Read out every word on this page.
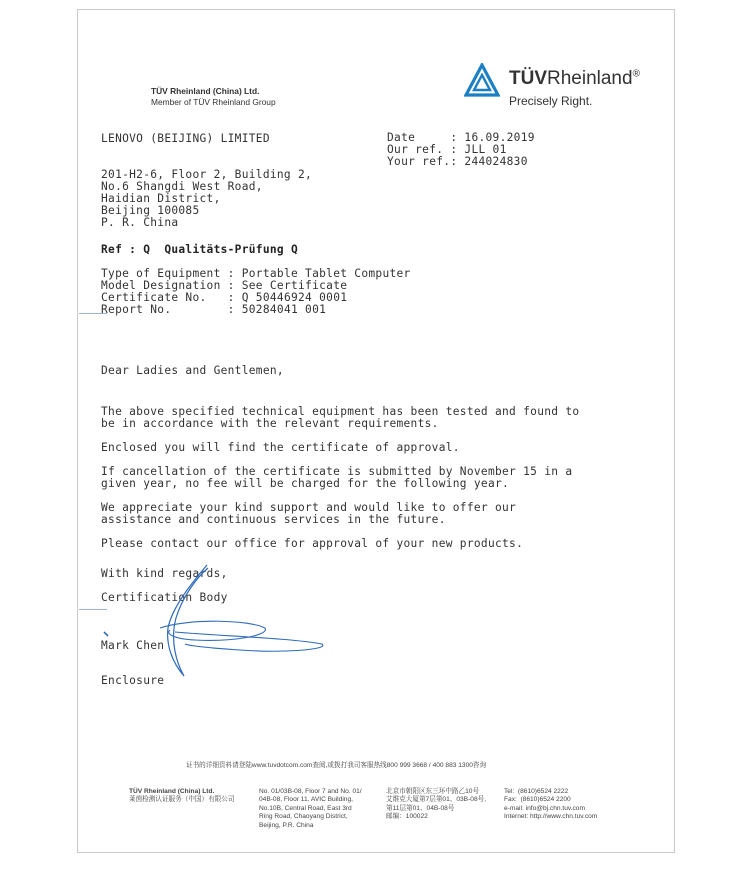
TÜV Rheinland (China) Ltd.
Member of TÜV Rheinland Group
TÜVRheinland®
Precisely Right.
LENOVO (BEIJING) LIMITED
201-H2-6, Floor 2, Building 2,
No.6 Shangdi West Road,
Haidian District,
Beijing 100085
P. R. China
Date     : 16.09.2019
Our ref. : JLL 01
Your ref.: 244024830
Ref : Q  Qualitäts-Prüfung Q
Type of Equipment : Portable Tablet Computer
Model Designation : See Certificate
Certificate No.   : Q 50446924 0001
Report No.        : 50284041 001
Dear Ladies and Gentlemen,
The above specified technical equipment has been tested and found to
be in accordance with the relevant requirements.
Enclosed you will find the certificate of approval.
If cancellation of the certificate is submitted by November 15 in a
given year, no fee will be charged for the following year.
We appreciate your kind support and would like to offer our
assistance and continuous services in the future.
Please contact our office for approval of your new products.
With kind regards,
Certification Body
Mark Chen
Enclosure
证书的详细资料请登陆www.tuvdotcom.com查阅,或拨打我司客服热线800 999 3668 / 400 883 1300咨询
TÜV Rheinland (China) Ltd.
莱茵检测认证服务（中国）有限公司
No. 01/03B-08, Floor 7 and No. 01/
04B-08, Floor 11, AVIC Building,
No.10B, Central Road, East 3rd
Ring Road, Chaoyang District,
Beijing, P.R. China
北京市朝阳区东三环中路乙10号
艾维克大厦第7层第01、03B-08号,
第11层第01、04B-08号
邮编：100022
Tel:  (8610)6524 2222
Fax:  (8610)6524 2200
e-mail: info@bj.chn.tuv.com
Internet: http://www.chn.tuv.com
